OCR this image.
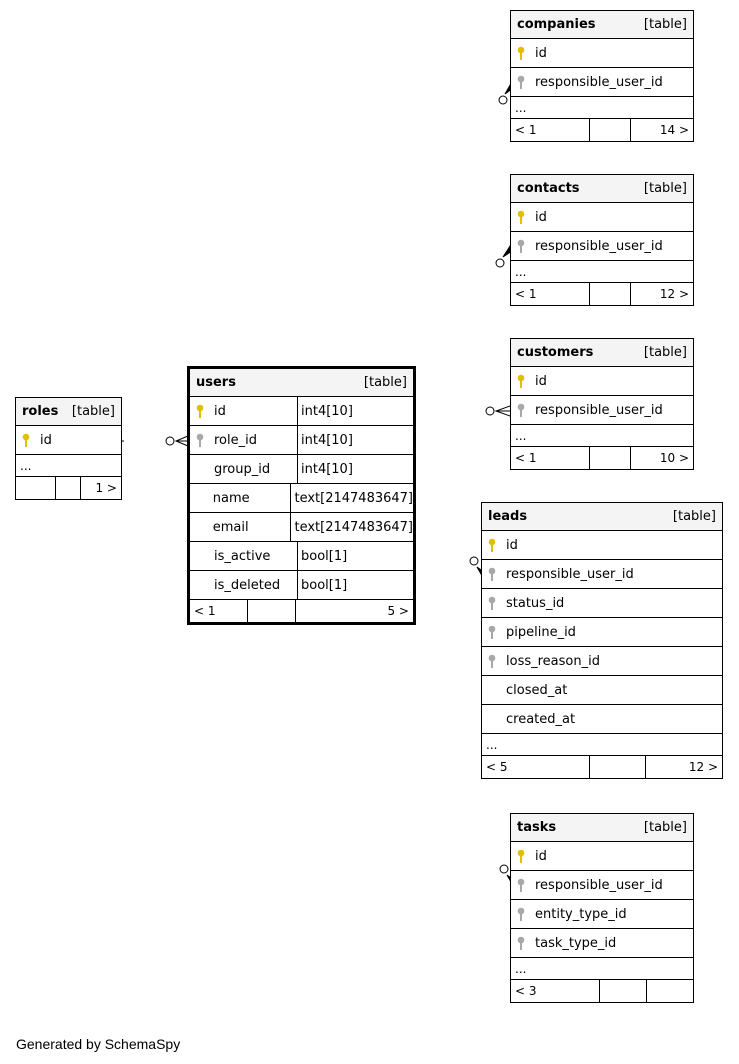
roles [table]
id
...
1 >
users	[table]
id	int4[10]
role_id	int4[10]
group_id	int4[10]
name	text[2147483647]
email	text[2147483647]
is_active	bool[1]
is_deleted	bool[1]
< 1	5 >
companies	[table]
id
responsible_user_id
...
< 1	14 >
contacts	[table]
id
responsible_user_id
...
< 1	12 >
customers	[table]
id
responsible_user_id
...
< 1	10 >
leads	[table]
id
responsible_user_id
status_id
pipeline_id
loss_reason_id
closed_at
created_at
...
< 5	12 >
tasks	[table]
id
responsible_user_id
entity_type_id
task_type_id
...
< 3
Generated by SchemaSpy
